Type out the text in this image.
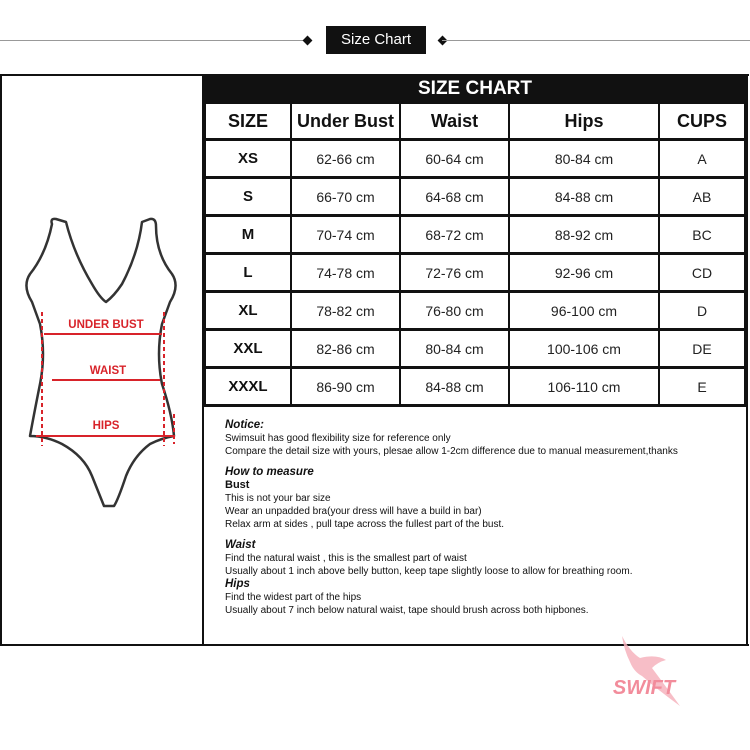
Size Chart
UNDER BUST
WAIST
HIPS
SIZE CHART
SIZE	Under Bust	Waist	Hips	CUPS
XS	62-66 cm	60-64 cm	80-84 cm	A
S	66-70 cm	64-68 cm	84-88 cm	AB
M	70-74 cm	68-72 cm	88-92 cm	BC
L	74-78 cm	72-76 cm	92-96 cm	CD
XL	78-82 cm	76-80 cm	96-100 cm	D
XXL	82-86 cm	80-84 cm	100-106 cm	DE
XXXL	86-90 cm	84-88 cm	106-110 cm	E
Notice:
Swimsuit has good flexibility size for reference only
Compare the detail size with yours, plesae allow 1-2cm difference due to manual measurement,thanks
How to measure
Bust
This is not your bar size
Wear an unpadded bra(your dress will have a build in bar)
Relax arm at sides , pull tape across the fullest part of the bust.
Waist
Find the natural waist , this is the smallest part of waist
Usually about 1 inch above belly button, keep tape slightly loose to allow for breathing room.
Hips
Find the widest part of the hips
Usually about 7 inch below natural waist, tape should brush across both hipbones.
SWIFT
